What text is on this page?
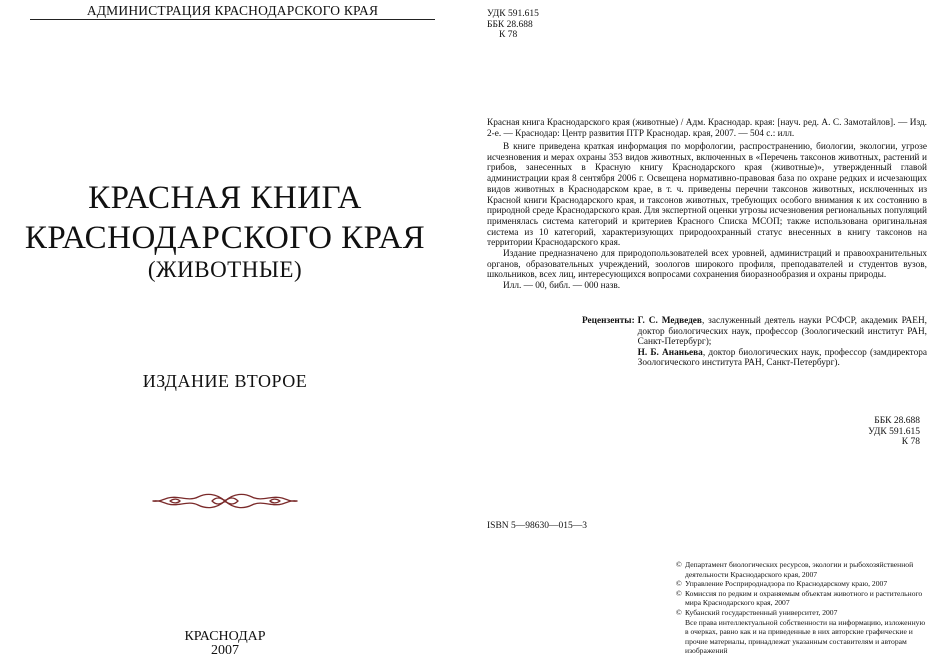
АДМИНИСТРАЦИЯ КРАСНОДАРСКОГО КРАЯ
КРАСНАЯ КНИГА
КРАСНОДАРСКОГО КРАЯ
(ЖИВОТНЫЕ)
ИЗДАНИЕ ВТОРОЕ
КРАСНОДАР
2007
УДК 591.615
ББК 28.688
К 78
Красная книга Краснодарского края (животные) / Адм. Краснодар. края: [науч. ред. А. С. Замотайлов]. — Изд. 2-е. — Краснодар: Центр развития ПТР Краснодар. края, 2007. — 504 с.: илл.

В книге приведена краткая информация по морфологии, распространению, биологии, экологии, угрозе исчезновения и мерах охраны 353 видов животных, включенных в «Перечень таксонов животных, растений и грибов, занесенных в Красную книгу Краснодарского края (животные)», утвержденный главой администрации края 8 сентября 2006 г. Освещена нормативно-правовая база по охране редких и исчезающих видов животных в Краснодарском крае, в т. ч. приведены перечни таксонов животных, исключенных из Красной книги Краснодарского края, и таксонов животных, требующих особого внимания к их состоянию в природной среде Краснодарского края. Для экспертной оценки угрозы исчезновения региональных популяций применялась система категорий и критериев Красного Списка МСОП; также использована оригинальная система из 10 категорий, характеризующих природоохранный статус внесенных в книгу таксонов на территории Краснодарского края.

Издание предназначено для природопользователей всех уровней, администраций и правоохранительных органов, образовательных учреждений, зоологов широкого профиля, преподавателей и студентов вузов, школьников, всех лиц, интересующихся вопросами сохранения биоразнообразия и охраны природы.

Илл. — 00, библ. — 000 назв.

Рецензенты: Г. С. Медведев, заслуженный деятель науки РСФСР, академик РАЕН, доктор биологических наук, профессор (Зоологический институт РАН, Санкт-Петербург);

Н. Б. Ананьева, доктор биологических наук, профессор (замдиректора Зоологического института РАН, Санкт-Петербург).

ББК 28.688
УДК 591.615
К 78
ISBN 5—98630—015—3
© Департамент биологических ресурсов, экологии и рыбохозяйственной деятельности Краснодарского края, 2007
© Управление Росприроднадзора по Краснодарскому краю, 2007
© Комиссия по редким и охраняемым объектам животного и растительного мира Краснодарского края, 2007
© Кубанский государственный университет, 2007
Все права интеллектуальной собственности на информацию, изложенную в очерках, равно как и на приведенные в них авторские графические и прочие материалы, принадлежат указанным составителям и авторам изображений
